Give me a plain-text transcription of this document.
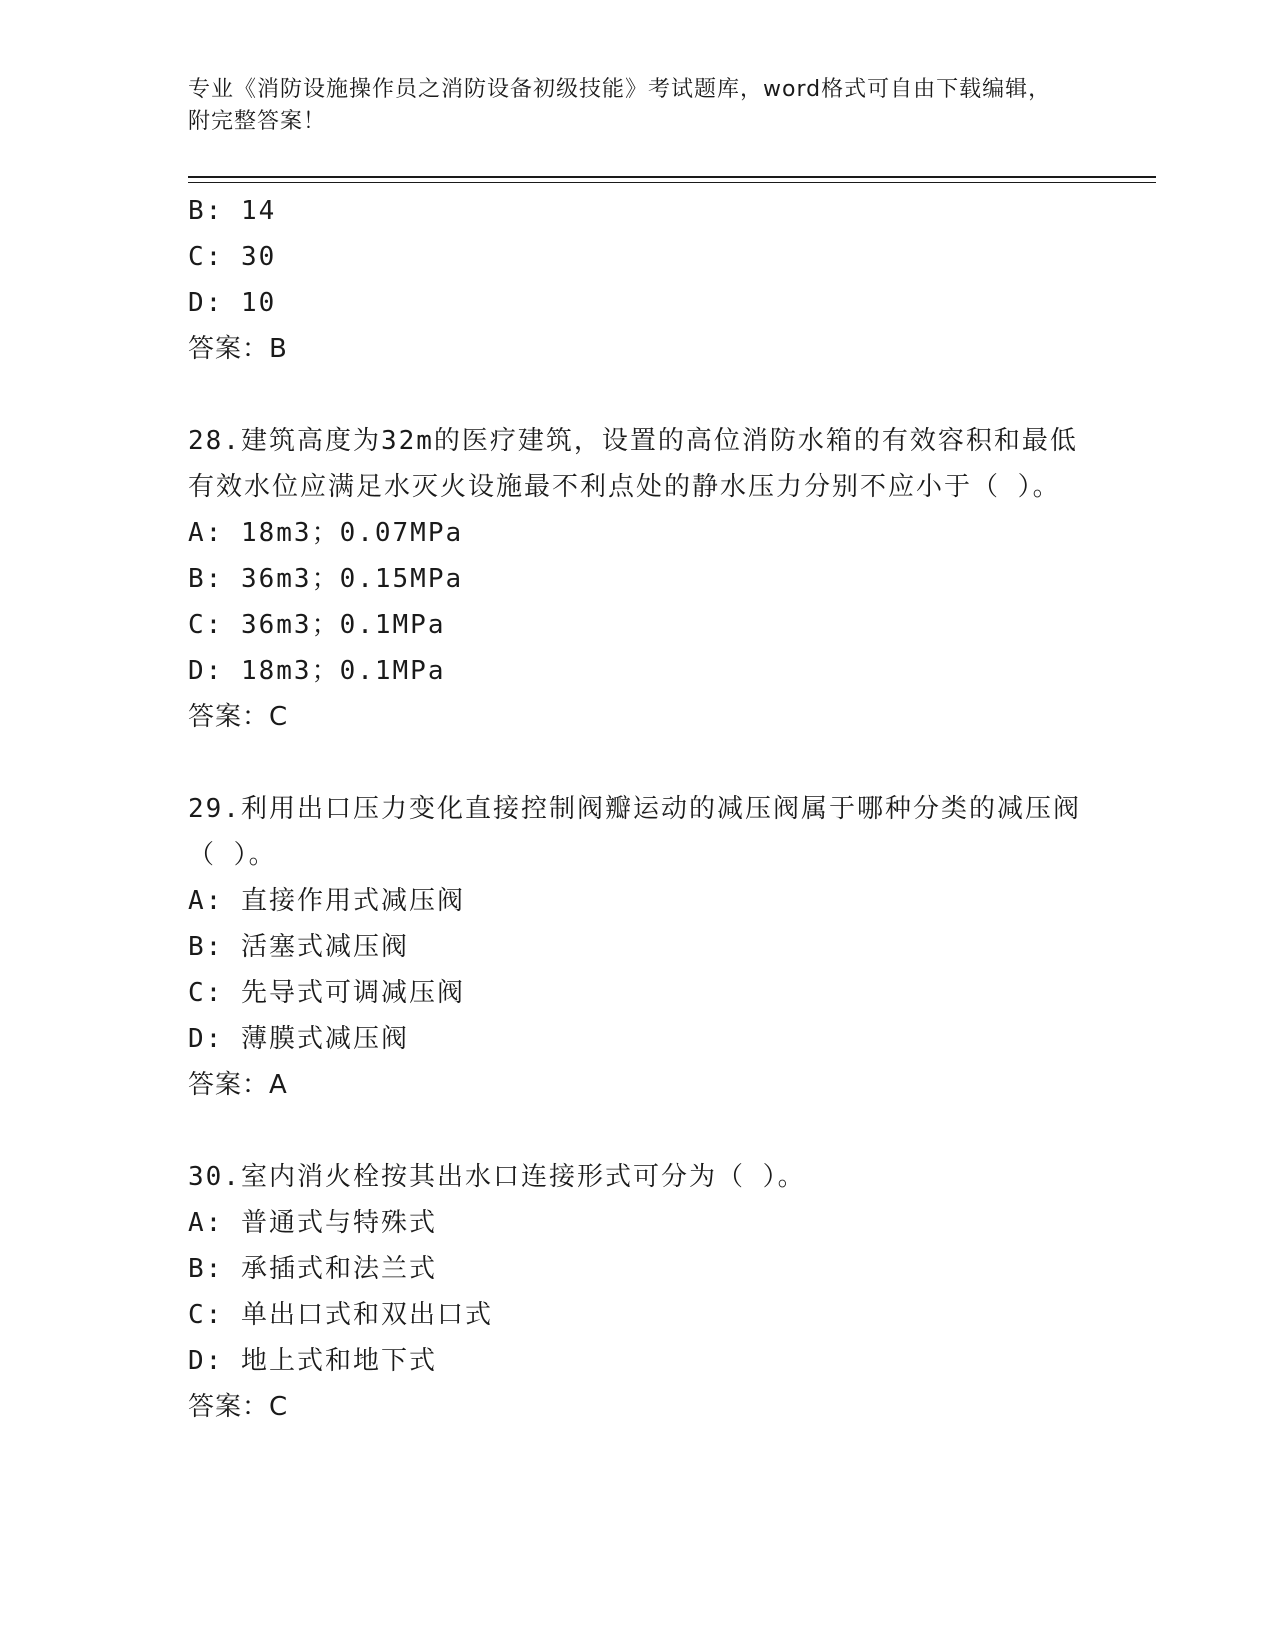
专业《消防设施操作员之消防设备初级技能》考试题库，word格式可自由下载编辑，附完整答案！

B: 14
C: 30
D: 10
答案：B

28.建筑高度为32m的医疗建筑，设置的高位消防水箱的有效容积和最低有效水位应满足水灭火设施最不利点处的静水压力分别不应小于（ ）。

A: 18m3；0.07MPa
B: 36m3；0.15MPa
C: 36m3；0.1MPa
D: 18m3；0.1MPa
答案：C

29.利用出口压力变化直接控制阀瓣运动的减压阀属于哪种分类的减压阀（ ）。

A: 直接作用式减压阀
B: 活塞式减压阀
C: 先导式可调减压阀
D: 薄膜式减压阀
答案：A

30.室内消火栓按其出水口连接形式可分为（ ）。

A: 普通式与特殊式
B: 承插式和法兰式
C: 单出口式和双出口式
D: 地上式和地下式
答案：C
